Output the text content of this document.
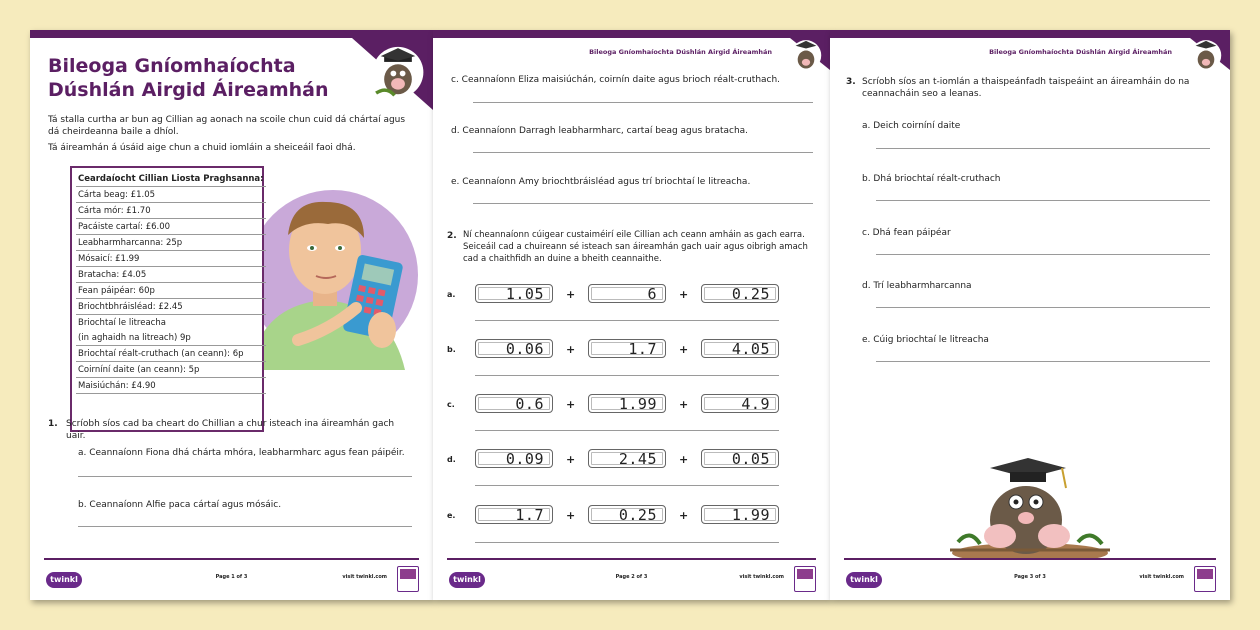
Bileoga Gníomhaíochta
Dúshlán Airgid Áireamhán
Tá stalla curtha ar bun ag Cillian ag aonach na scoile chun cuid dá chártaí agus dá cheirdeanna baile a dhíol.
Tá áireamhán á úsáid aige chun a chuid iomláin a sheiceáil faoi dhá.
Ceardaíocht Cillian Liosta Praghsanna:
Cárta beag: £1.05
Cárta mór: £1.70
Pacáiste cartaí: £6.00
Leabharmharcanna: 25p
Mósaicí: £1.99
Bratacha: £4.05
Fean páipéar: 60p
Briochtbhráisléad: £2.45
Briochtaí le litreacha
(in aghaidh na litreach) 9p
Briochtaí réalt-cruthach (an ceann): 6p
Coirníní daite (an ceann): 5p
Maisiúchán: £4.90
1. Scríobh síos cad ba cheart do Chillian a chur isteach ina áireamhán gach uair.
a. Ceannaíonn Fiona dhá chárta mhóra, leabharmharc agus fean páipéir.
b. Ceannaíonn Alfie paca cártaí agus mósáic.
twinkl	Page 1 of 3	visit twinkl.com
Bileoga Gníomhaíochta Dúshlán Airgid Áireamhán
c. Ceannaíonn Eliza maisiúchán, coirnín daite agus brioch réalt-cruthach.
d. Ceannaíonn Darragh leabharmharc, cartaí beag agus bratacha.
e. Ceannaíonn Amy briochtbráisléad agus trí briochtaí le litreacha.
2. Ní cheannaíonn cúigear custaiméirí eile Cillian ach ceann amháin as gach earra. Seiceáil cad a chuireann sé isteach san áireamhán gach uair agus oibrigh amach cad a chaithfidh an duine a bheith ceannaithe.
a.	1.05	+	6	+	0.25
b.	0.06	+	1.7	+	4.05
c.	0.6	+	1.99	+	4.9
d.	0.09	+	2.45	+	0.05
e.	1.7	+	0.25	+	1.99
twinkl	Page 2 of 3	visit twinkl.com
Bileoga Gníomhaíochta Dúshlán Airgid Áireamhán
3. Scríobh síos an t-iomlán a thaispeánfadh taispeáint an áireamháin do na ceannacháin seo a leanas.
a. Deich coirníní daite
b. Dhá briochtaí réalt-cruthach
c. Dhá fean páipéar
d. Trí leabharmharcanna
e. Cúig briochtaí le litreacha
twinkl	Page 3 of 3	visit twinkl.com
